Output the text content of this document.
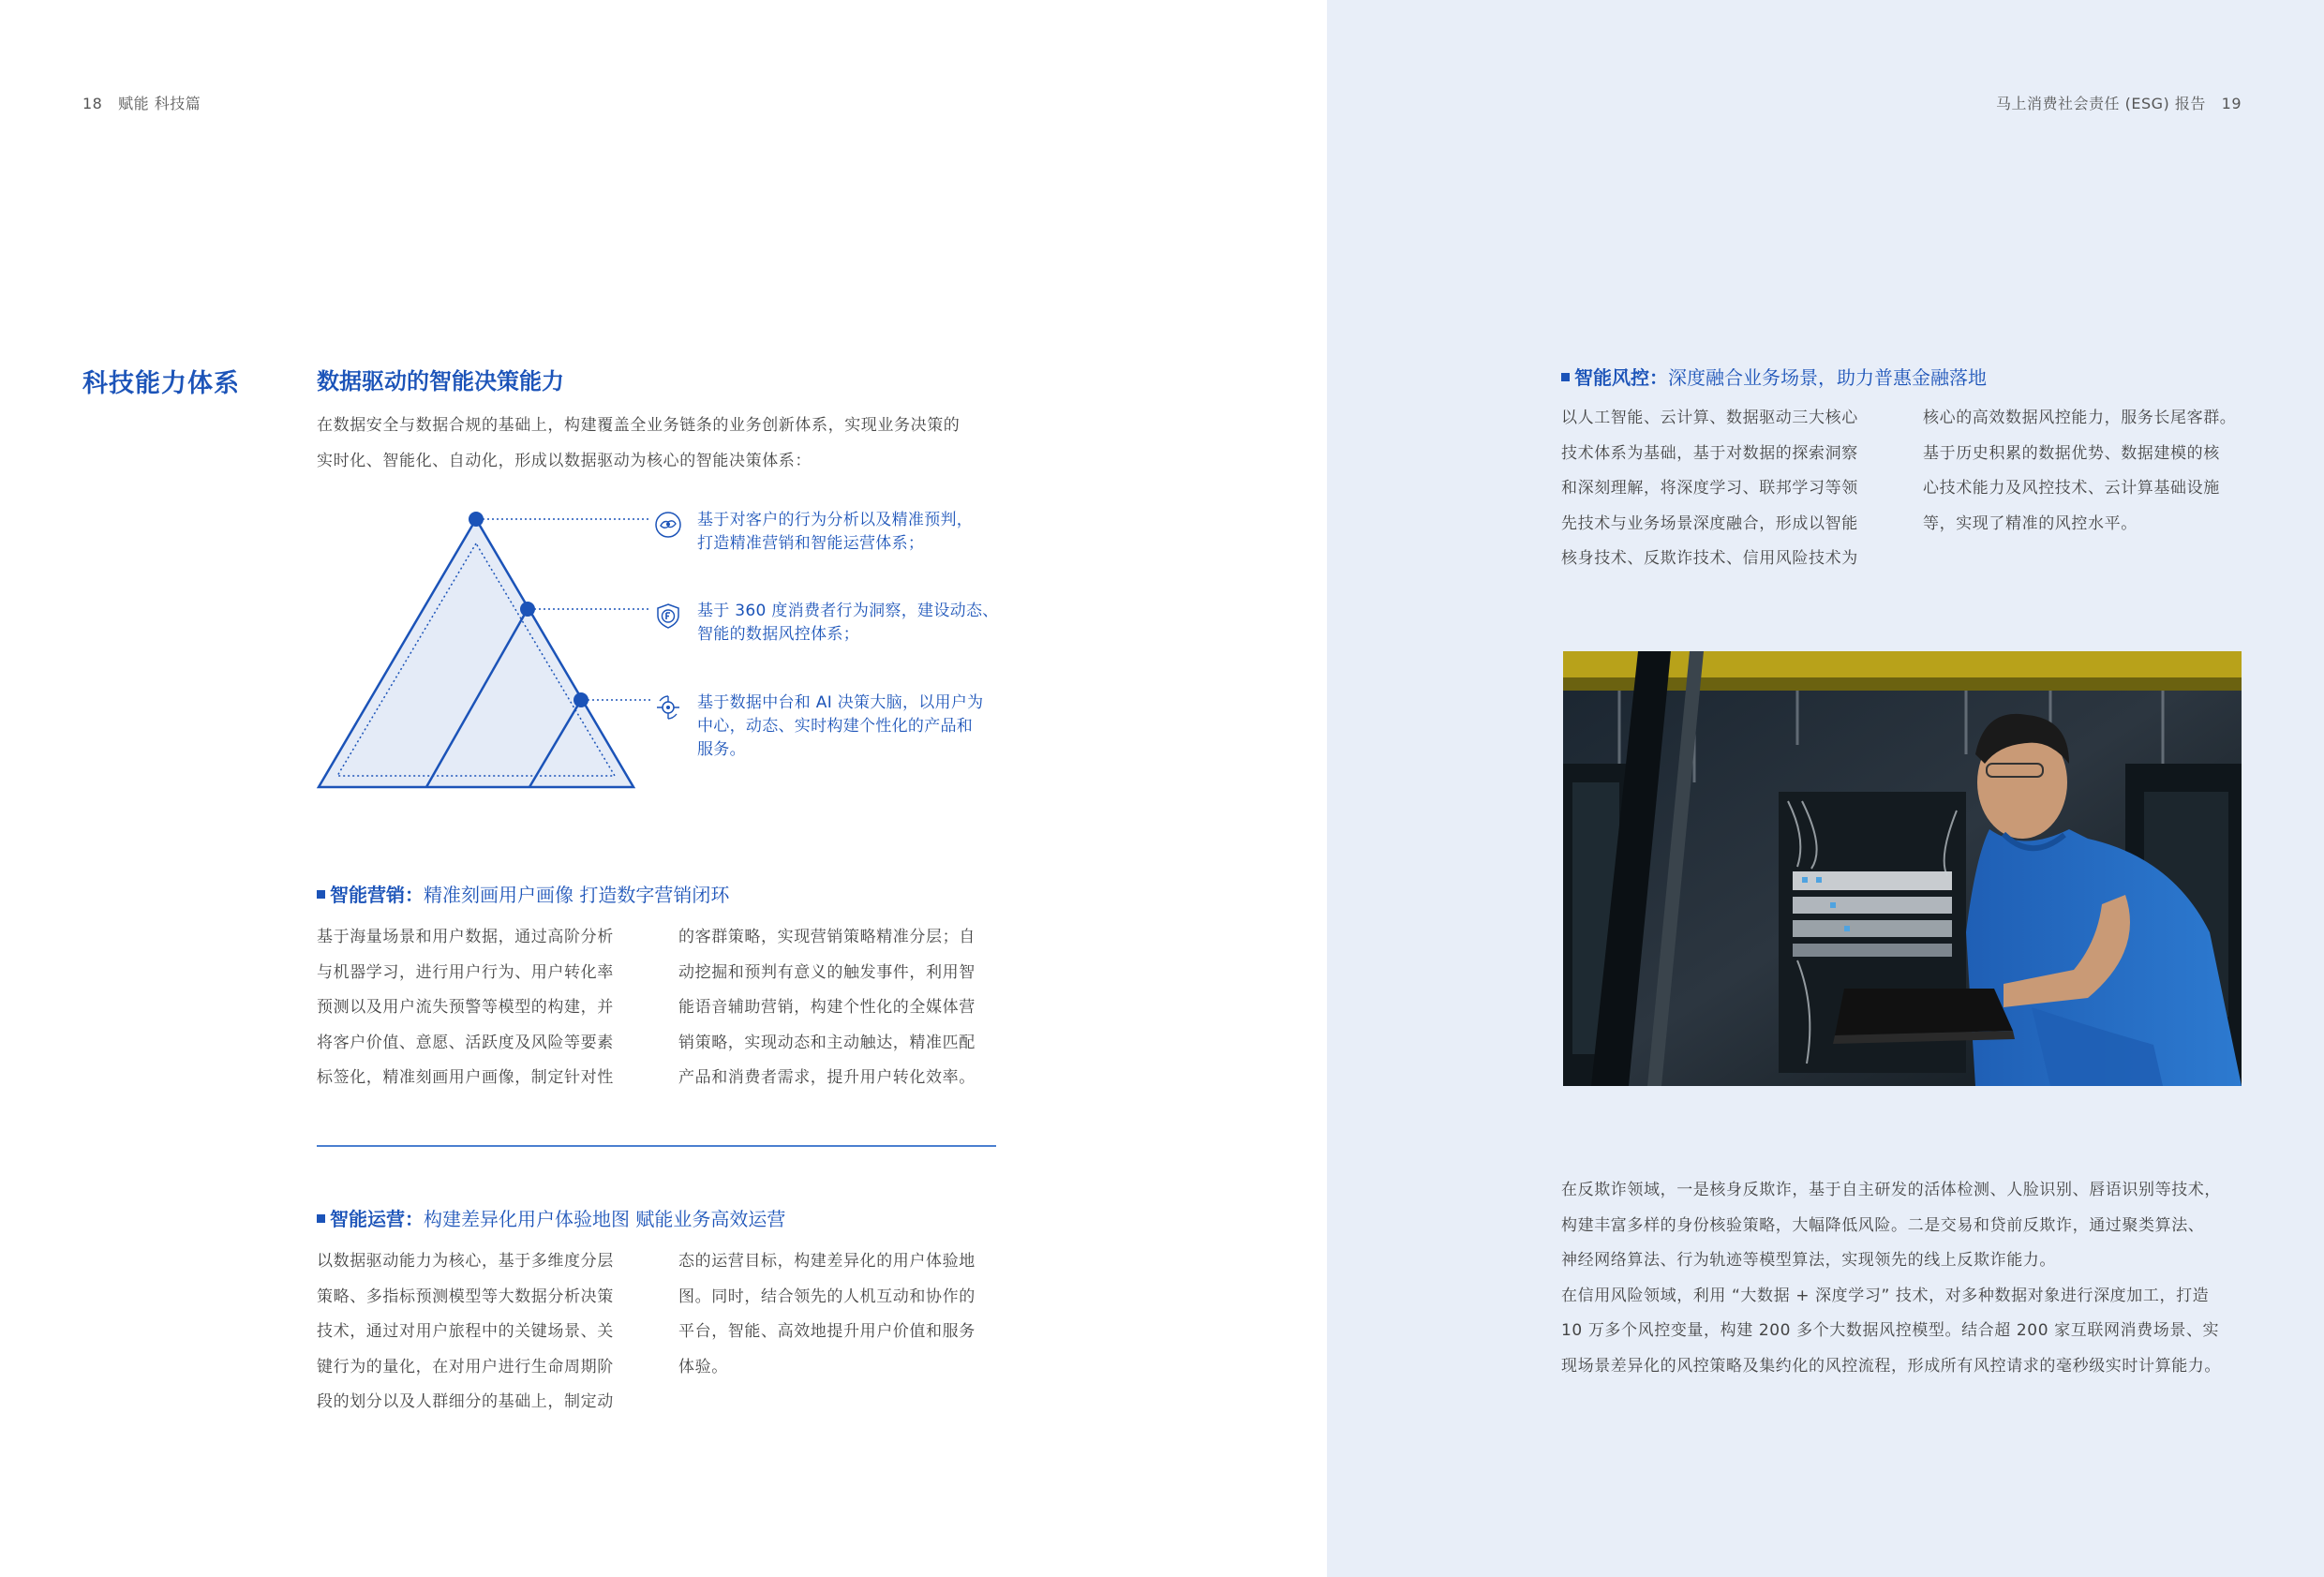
18 赋能 科技篇
科技能力体系	数据驱动的智能决策能力
在数据安全与数据合规的基础上，构建覆盖全业务链条的业务创新体系，实现业务决策的
实时化、智能化、自动化，形成以数据驱动为核心的智能决策体系：
基于对客户的行为分析以及精准预判，
打造精准营销和智能运营体系；
基于 360 度消费者行为洞察，建设动态、
智能的数据风控体系；
基于数据中台和 AI 决策大脑，以用户为
中心，动态、实时构建个性化的产品和
服务。
智能营销：精准刻画用户画像 打造数字营销闭环
基于海量场景和用户数据，通过高阶分析
与机器学习，进行用户行为、用户转化率
预测以及用户流失预警等模型的构建，并
将客户价值、意愿、活跃度及风险等要素
标签化，精准刻画用户画像，制定针对性
的客群策略，实现营销策略精准分层；自
动挖掘和预判有意义的触发事件，利用智
能语音辅助营销，构建个性化的全媒体营
销策略，实现动态和主动触达，精准匹配
产品和消费者需求，提升用户转化效率。
智能运营：构建差异化用户体验地图 赋能业务高效运营
以数据驱动能力为核心，基于多维度分层
策略、多指标预测模型等大数据分析决策
技术，通过对用户旅程中的关键场景、关
键行为的量化，在对用户进行生命周期阶
段的划分以及人群细分的基础上，制定动
态的运营目标，构建差异化的用户体验地
图。同时，结合领先的人机互动和协作的
平台，智能、高效地提升用户价值和服务
体验。
马上消费社会责任 (ESG) 报告 19
智能风控：深度融合业务场景，助力普惠金融落地
以人工智能、云计算、数据驱动三大核心
技术体系为基础，基于对数据的探索洞察
和深刻理解，将深度学习、联邦学习等领
先技术与业务场景深度融合，形成以智能
核身技术、反欺诈技术、信用风险技术为
核心的高效数据风控能力，服务长尾客群。
基于历史积累的数据优势、数据建模的核
心技术能力及风控技术、云计算基础设施
等，实现了精准的风控水平。
在反欺诈领域，一是核身反欺诈，基于自主研发的活体检测、人脸识别、唇语识别等技术，
构建丰富多样的身份核验策略，大幅降低风险。二是交易和贷前反欺诈，通过聚类算法、
神经网络算法、行为轨迹等模型算法，实现领先的线上反欺诈能力。
在信用风险领域，利用 “大数据 + 深度学习” 技术，对多种数据对象进行深度加工，打造
10 万多个风控变量，构建 200 多个大数据风控模型。结合超 200 家互联网消费场景、实
现场景差异化的风控策略及集约化的风控流程，形成所有风控请求的毫秒级实时计算能力。
